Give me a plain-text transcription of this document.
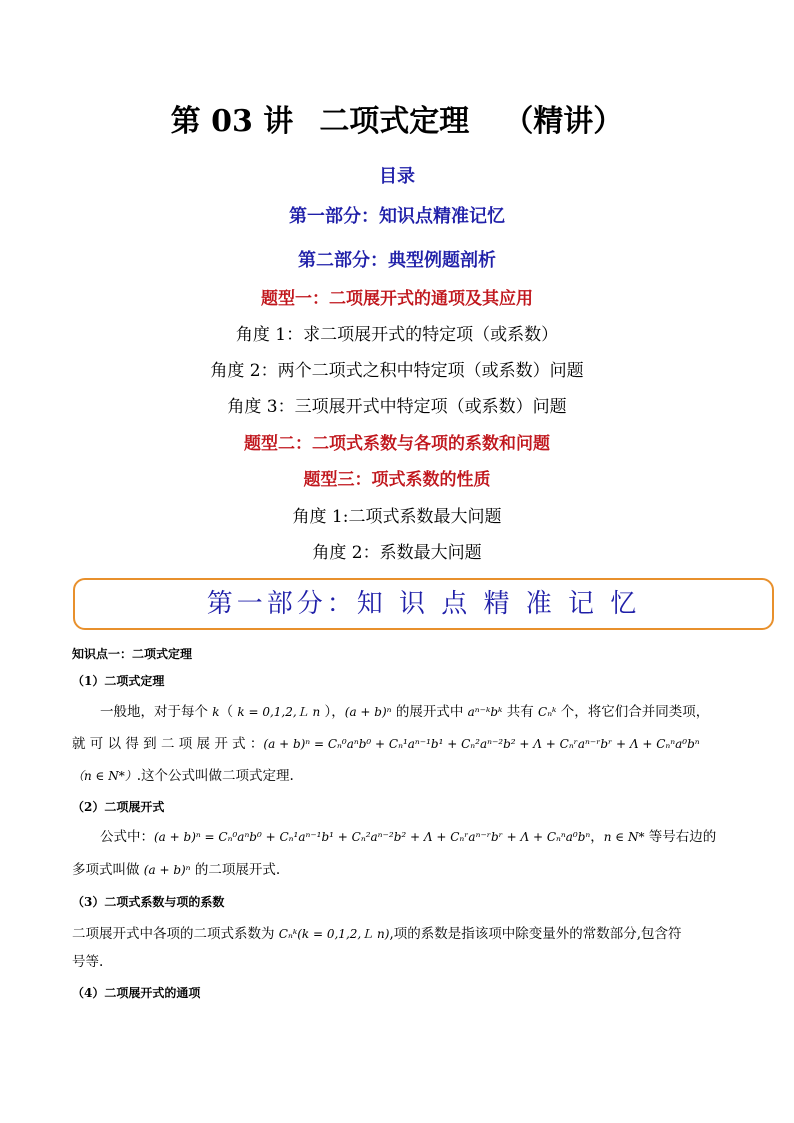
第 03 讲 二项式定理 （精讲）
目录
第一部分：知识点精准记忆
第二部分：典型例题剖析
题型一：二项展开式的通项及其应用
角度 1：求二项展开式的特定项（或系数）
角度 2：两个二项式之积中特定项（或系数）问题
角度 3：三项展开式中特定项（或系数）问题
题型二：二项式系数与各项的系数和问题
题型三：项式系数的性质
角度 1:二项式系数最大问题
角度 2：系数最大问题
第一部分：知 识 点 精 准 记 忆
知识点一：二项式定理
（1）二项式定理
一般地，对于每个 k（ k = 0,1,2,Ｌ n ），(a + b)ⁿ 的展开式中 aⁿ⁻ᵏbᵏ 共有 Cₙᵏ 个，将它们合并同类项，
就 可 以 得 到 二 项 展 开 式 ：(a + b)ⁿ = Cₙ⁰aⁿb⁰ + Cₙ¹aⁿ⁻¹b¹ + Cₙ²aⁿ⁻²b² + Λ + Cₙʳaⁿ⁻ʳbʳ + Λ + Cₙⁿa⁰bⁿ
（n ∈ N*）.这个公式叫做二项式定理.
（2）二项展开式
公式中：(a + b)ⁿ = Cₙ⁰aⁿb⁰ + Cₙ¹aⁿ⁻¹b¹ + Cₙ²aⁿ⁻²b² + Λ + Cₙʳaⁿ⁻ʳbʳ + Λ + Cₙⁿa⁰bⁿ，n ∈ N* 等号右边的
多项式叫做 (a + b)ⁿ 的二项展开式.
（3）二项式系数与项的系数
二项展开式中各项的二项式系数为 Cₙᵏ(k = 0,1,2,Ｌ n),项的系数是指该项中除变量外的常数部分,包含符
号等.
（4）二项展开式的通项
